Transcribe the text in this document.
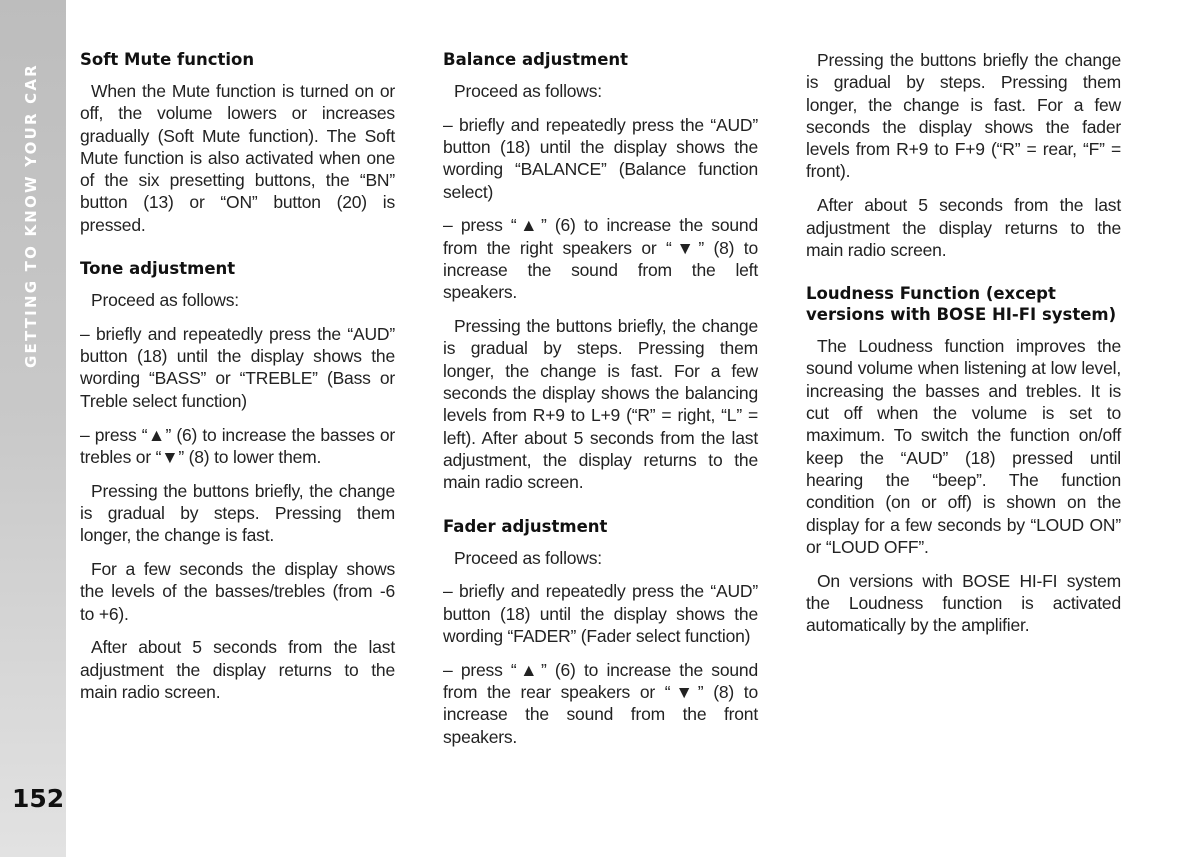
GETTING TO KNOW YOUR CAR
152
Soft Mute function

When the Mute function is turned on or off, the volume lowers or increases gradually (Soft Mute function). The Soft Mute function is also activated when one of the six presetting buttons, the “BN” button (13) or “ON” button (20) is pressed.

Tone adjustment

Proceed as follows:

– briefly and repeatedly press the “AUD” button (18) until the display shows the wording “BASS” or “TREBLE” (Bass or Treble select function)

– press “▲” (6) to increase the basses or trebles or “▼” (8) to lower them.

Pressing the buttons briefly, the change is gradual by steps. Pressing them longer, the change is fast.

For a few seconds the display shows the levels of the basses/trebles (from -6 to +6).

After about 5 seconds from the last adjustment the display returns to the main radio screen.

Balance adjustment

Proceed as follows:

– briefly and repeatedly press the “AUD” button (18) until the display shows the wording “BALANCE” (Balance function select)

– press “▲” (6) to increase the sound from the right speakers or “▼” (8) to increase the sound from the left speakers.

Pressing the buttons briefly, the change is gradual by steps. Pressing them longer, the change is fast. For a few seconds the display shows the balancing levels from R+9 to L+9 (“R” = right, “L” = left). After about 5 seconds from the last adjustment, the display returns to the main radio screen.

Fader adjustment

Proceed as follows:

– briefly and repeatedly press the “AUD” button (18) until the display shows the wording “FADER” (Fader select function)

– press “▲” (6) to increase the sound from the rear speakers or “▼” (8) to increase the sound from the front speakers.

Pressing the buttons briefly the change is gradual by steps. Pressing them longer, the change is fast. For a few seconds the display shows the fader levels from R+9 to F+9 (“R” = rear, “F” = front).

After about 5 seconds from the last adjustment the display returns to the main radio screen.

Loudness Function (except versions with BOSE HI-FI system)

The Loudness function improves the sound volume when listening at low level, increasing the basses and trebles. It is cut off when the volume is set to maximum. To switch the function on/off keep the “AUD” (18) pressed until hearing the “beep”. The function condition (on or off) is shown on the display for a few seconds by “LOUD ON” or “LOUD OFF”.

On versions with BOSE HI-FI system the Loudness function is activated automatically by the amplifier.
